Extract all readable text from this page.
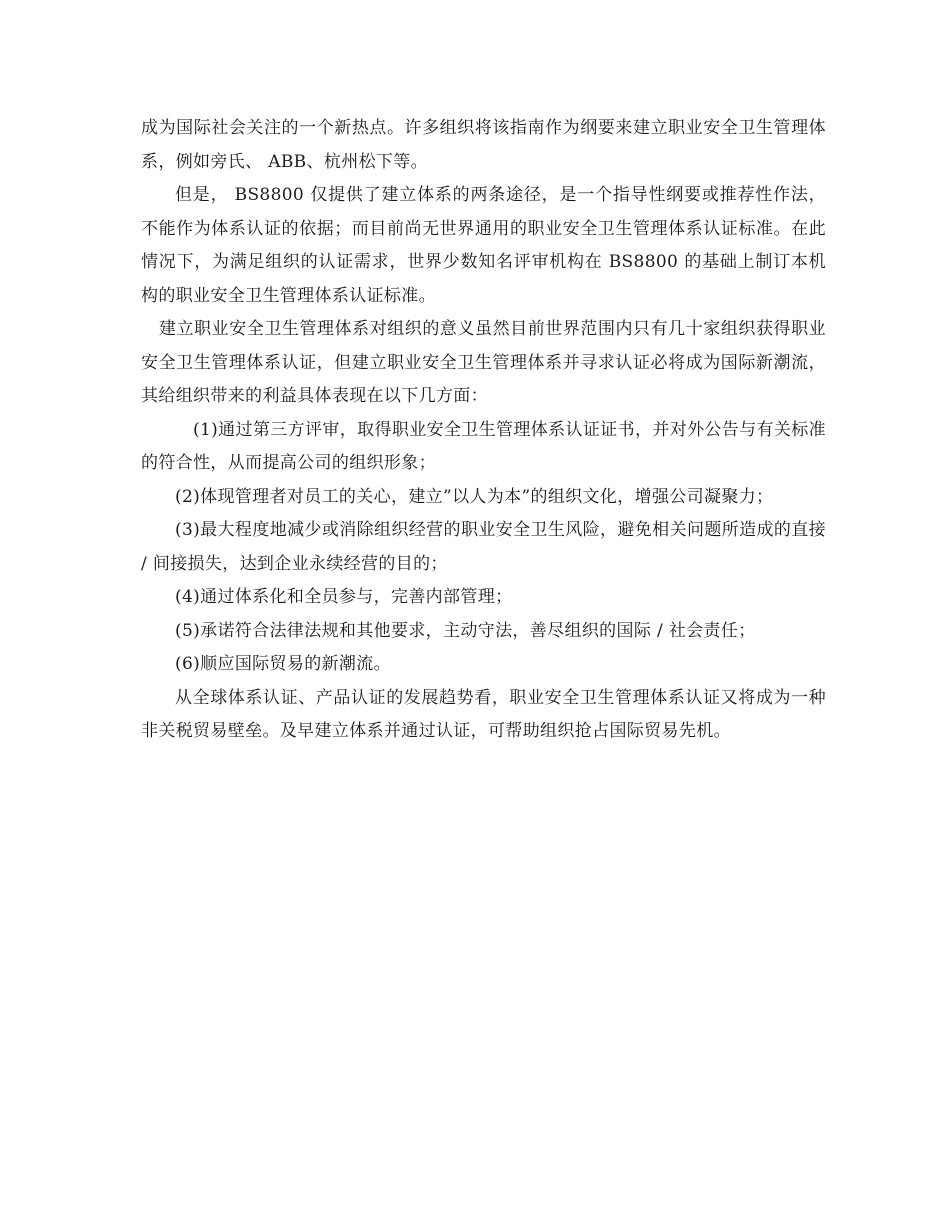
成为国际社会关注的一个新热点。许多组织将该指南作为纲要来建立职业安全卫生管理体系，例如旁氏、 ABB、杭州松下等。

但是， BS8800 仅提供了建立体系的两条途径，是一个指导性纲要或推荐性作法，不能作为体系认证的依据；而目前尚无世界通用的职业安全卫生管理体系认证标准。在此情况下，为满足组织的认证需求，世界少数知名评审机构在 BS8800 的基础上制订本机构的职业安全卫生管理体系认证标准。

建立职业安全卫生管理体系对组织的意义虽然目前世界范围内只有几十家组织获得职业安全卫生管理体系认证，但建立职业安全卫生管理体系并寻求认证必将成为国际新潮流，其给组织带来的利益具体表现在以下几方面：

(1)通过第三方评审，取得职业安全卫生管理体系认证证书，并对外公告与有关标准的符合性，从而提高公司的组织形象；

(2)体现管理者对员工的关心，建立”以人为本”的组织文化，增强公司凝聚力；

(3)最大程度地减少或消除组织经营的职业安全卫生风险，避免相关问题所造成的直接 / 间接损失，达到企业永续经营的目的；

(4)通过体系化和全员参与，完善内部管理；

(5)承诺符合法律法规和其他要求，主动守法，善尽组织的国际 / 社会责任；

(6)顺应国际贸易的新潮流。

从全球体系认证、产品认证的发展趋势看，职业安全卫生管理体系认证又将成为一种非关税贸易壁垒。及早建立体系并通过认证，可帮助组织抢占国际贸易先机。
